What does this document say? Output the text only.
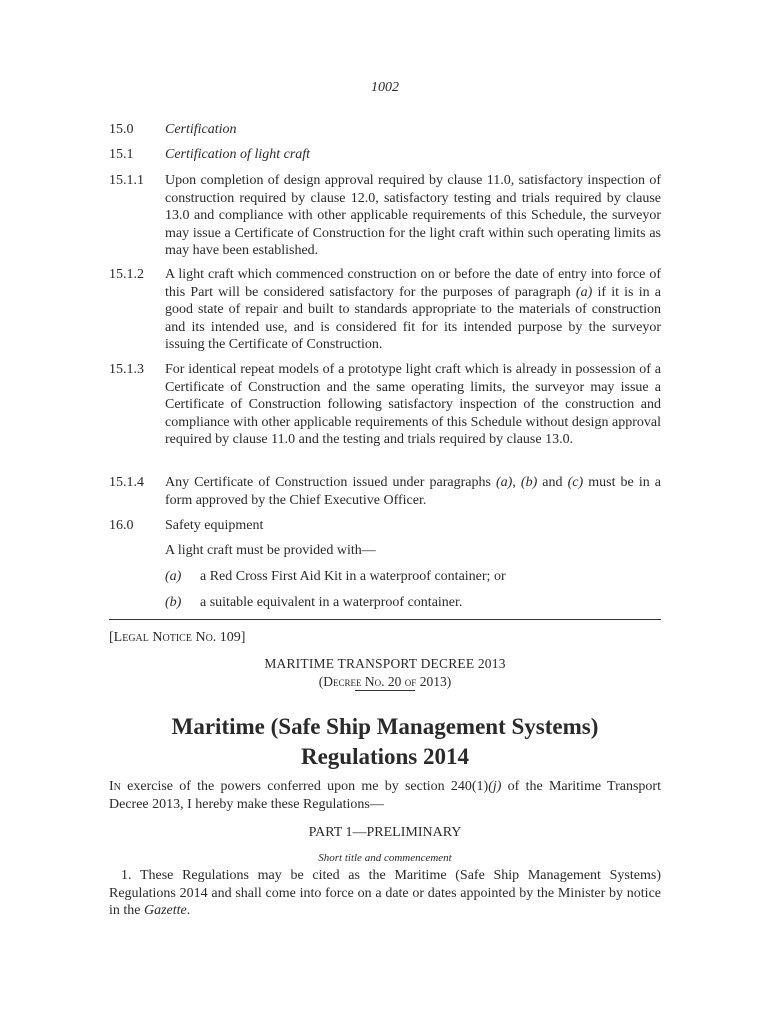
1002
15.0	Certification
15.1	Certification of light craft
15.1.1	Upon completion of design approval required by clause 11.0, satisfactory inspection of construction required by clause 12.0, satisfactory testing and trials required by clause 13.0 and compliance with other applicable requirements of this Schedule, the surveyor may issue a Certificate of Construction for the light craft within such operating limits as may have been established.
15.1.2	A light craft which commenced construction on or before the date of entry into force of this Part will be considered satisfactory for the purposes of paragraph (a) if it is in a good state of repair and built to standards appropriate to the materials of construction and its intended use, and is considered fit for its intended purpose by the surveyor issuing the Certificate of Construction.
15.1.3	For identical repeat models of a prototype light craft which is already in possession of a Certificate of Construction and the same operating limits, the surveyor may issue a Certificate of Construction following satisfactory inspection of the construction and compliance with other applicable requirements of this Schedule without design approval required by clause 11.0 and the testing and trials required by clause 13.0.
15.1.4	Any Certificate of Construction issued under paragraphs (a), (b) and (c) must be in a form approved by the Chief Executive Officer.
16.0	Safety equipment
A light craft must be provided with—
(a) a Red Cross First Aid Kit in a waterproof container; or
(b) a suitable equivalent in a waterproof container.
[Legal Notice No. 109]
MARITIME TRANSPORT DECREE 2013
(Decree No. 20 of 2013)
Maritime (Safe Ship Management Systems)
Regulations 2014
In exercise of the powers conferred upon me by section 240(1)(j) of the Maritime Transport Decree 2013, I hereby make these Regulations—
PART 1—PRELIMINARY
Short title and commencement
1. These Regulations may be cited as the Maritime (Safe Ship Management Systems) Regulations 2014 and shall come into force on a date or dates appointed by the Minister by notice in the Gazette.
